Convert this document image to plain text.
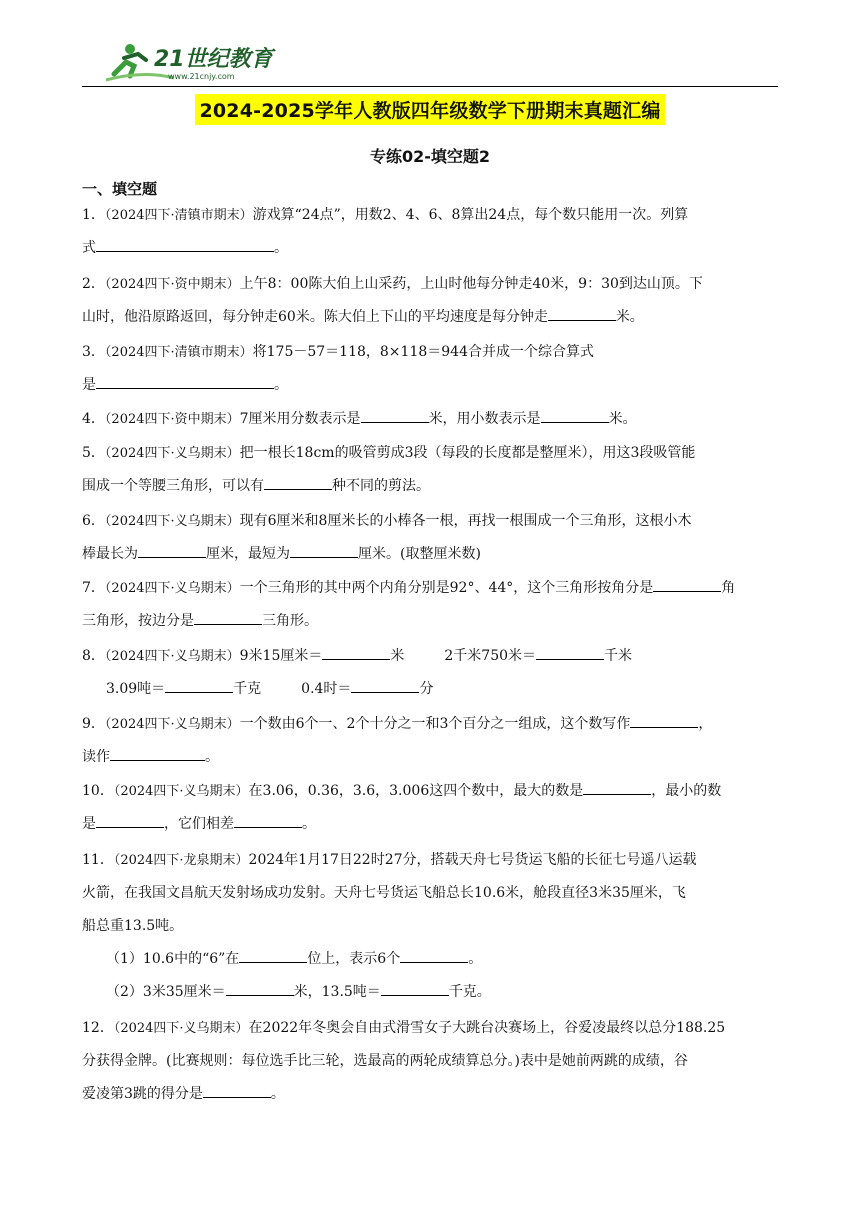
21世纪教育
www.21cnjy.com
2024-2025学年人教版四年级数学下册期末真题汇编
专练02-填空题2
一、填空题
1．（2024四下·清镇市期末）游戏算“24点”，用数2、4、6、8算出24点，每个数只能用一次。列算
式	。
2．（2024四下·资中期末）上午8：00陈大伯上山采药，上山时他每分钟走40米，9：30到达山顶。下
山时，他沿原路返回，每分钟走60米。陈大伯上下山的平均速度是每分钟走	米。
3．（2024四下·清镇市期末）将175－57＝118，8×118＝944合并成一个综合算式
是	。
4．（2024四下·资中期末）7厘米用分数表示是	米，用小数表示是	米。
5．（2024四下·义乌期末）把一根长18cm的吸管剪成3段（每段的长度都是整厘米），用这3段吸管能
围成一个等腰三角形，可以有	种不同的剪法。
6．（2024四下·义乌期末）现有6厘米和8厘米长的小棒各一根，再找一根围成一个三角形，这根小木
棒最长为	厘米，最短为	厘米。(取整厘米数)
7．（2024四下·义乌期末）一个三角形的其中两个内角分别是92°、44°，这个三角形按角分是	角
三角形，按边分是	三角形。
8．（2024四下·义乌期末）9米15厘米＝	米	2千米750米＝	千米
3.09吨＝	千克	0.4时＝	分
9．（2024四下·义乌期末）一个数由6个一、2个十分之一和3个百分之一组成，这个数写作	，
读作	。
10．（2024四下·义乌期末）在3.06，0.36，3.6，3.006这四个数中，最大的数是	，最小的数
是	，它们相差	。
11．（2024四下·龙泉期末）2024年1月17日22时27分，搭载天舟七号货运飞船的长征七号遥八运载
火箭，在我国文昌航天发射场成功发射。天舟七号货运飞船总长10.6米，舱段直径3米35厘米，飞
船总重13.5吨。
（1）10.6中的“6”在	位上，表示6个	。
（2）3米35厘米＝	米，13.5吨＝	千克。
12．（2024四下·义乌期末）在2022年冬奥会自由式滑雪女子大跳台决赛场上，谷爱凌最终以总分188.25
分获得金牌。(比赛规则：每位选手比三轮，选最高的两轮成绩算总分。)表中是她前两跳的成绩，谷
爱凌第3跳的得分是	。
